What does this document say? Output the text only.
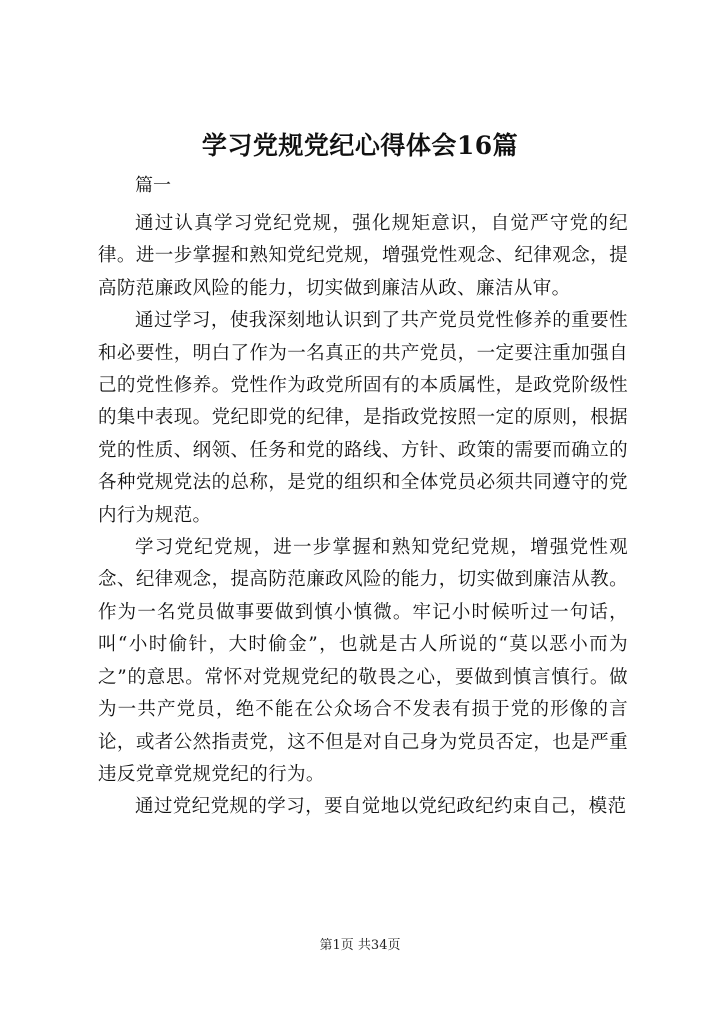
学习党规党纪心得体会16篇

篇一

通过认真学习党纪党规，强化规矩意识，自觉严守党的纪律。进一步掌握和熟知党纪党规，增强党性观念、纪律观念，提高防范廉政风险的能力，切实做到廉洁从政、廉洁从审。

通过学习，使我深刻地认识到了共产党员党性修养的重要性和必要性，明白了作为一名真正的共产党员，一定要注重加强自己的党性修养。党性作为政党所固有的本质属性，是政党阶级性的集中表现。党纪即党的纪律，是指政党按照一定的原则，根据党的性质、纲领、任务和党的路线、方针、政策的需要而确立的各种党规党法的总称，是党的组织和全体党员必须共同遵守的党内行为规范。

学习党纪党规，进一步掌握和熟知党纪党规，增强党性观念、纪律观念，提高防范廉政风险的能力，切实做到廉洁从教。作为一名党员做事要做到慎小慎微。牢记小时候听过一句话，叫“小时偷针，大时偷金”，也就是古人所说的“莫以恶小而为之”的意思。常怀对党规党纪的敬畏之心，要做到慎言慎行。做为一共产党员，绝不能在公众场合不发表有损于党的形像的言论，或者公然指责党，这不但是对自己身为党员否定，也是严重违反党章党规党纪的行为。

通过党纪党规的学习，要自觉地以党纪政纪约束自己，模范

第1页 共34页
